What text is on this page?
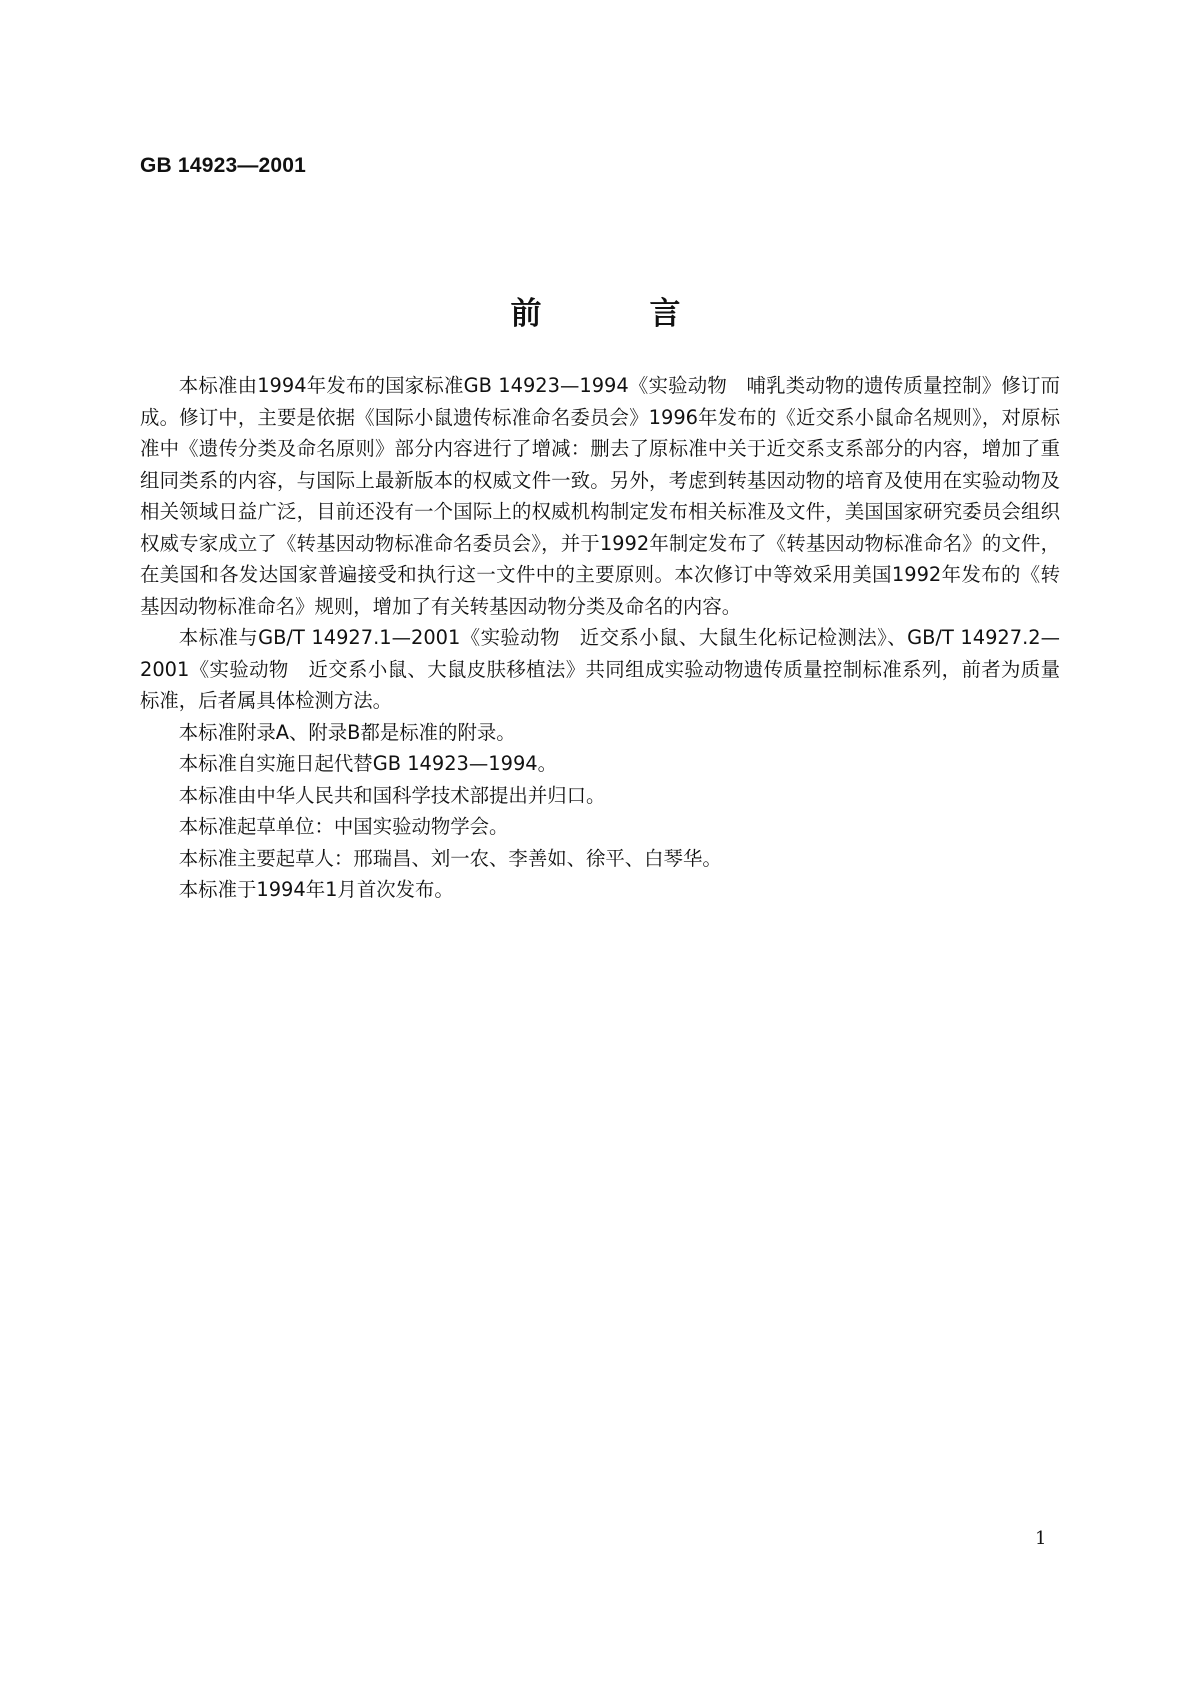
GB 14923—2001
前言

本标准由1994年发布的国家标准GB 14923—1994《实验动物　哺乳类动物的遗传质量控制》修订而成。修订中，主要是依据《国际小鼠遗传标准命名委员会》1996年发布的《近交系小鼠命名规则》，对原标准中《遗传分类及命名原则》部分内容进行了增减：删去了原标准中关于近交系支系部分的内容，增加了重组同类系的内容，与国际上最新版本的权威文件一致。另外，考虑到转基因动物的培育及使用在实验动物及相关领域日益广泛，目前还没有一个国际上的权威机构制定发布相关标准及文件，美国国家研究委员会组织权威专家成立了《转基因动物标准命名委员会》，并于1992年制定发布了《转基因动物标准命名》的文件，在美国和各发达国家普遍接受和执行这一文件中的主要原则。本次修订中等效采用美国1992年发布的《转基因动物标准命名》规则，增加了有关转基因动物分类及命名的内容。

本标准与GB/T 14927.1—2001《实验动物　近交系小鼠、大鼠生化标记检测法》、GB/T 14927.2—2001《实验动物　近交系小鼠、大鼠皮肤移植法》共同组成实验动物遗传质量控制标准系列，前者为质量标准，后者属具体检测方法。

本标准附录A、附录B都是标准的附录。

本标准自实施日起代替GB 14923—1994。

本标准由中华人民共和国科学技术部提出并归口。

本标准起草单位：中国实验动物学会。

本标准主要起草人：邢瑞昌、刘一农、李善如、徐平、白琴华。

本标准于1994年1月首次发布。

1
